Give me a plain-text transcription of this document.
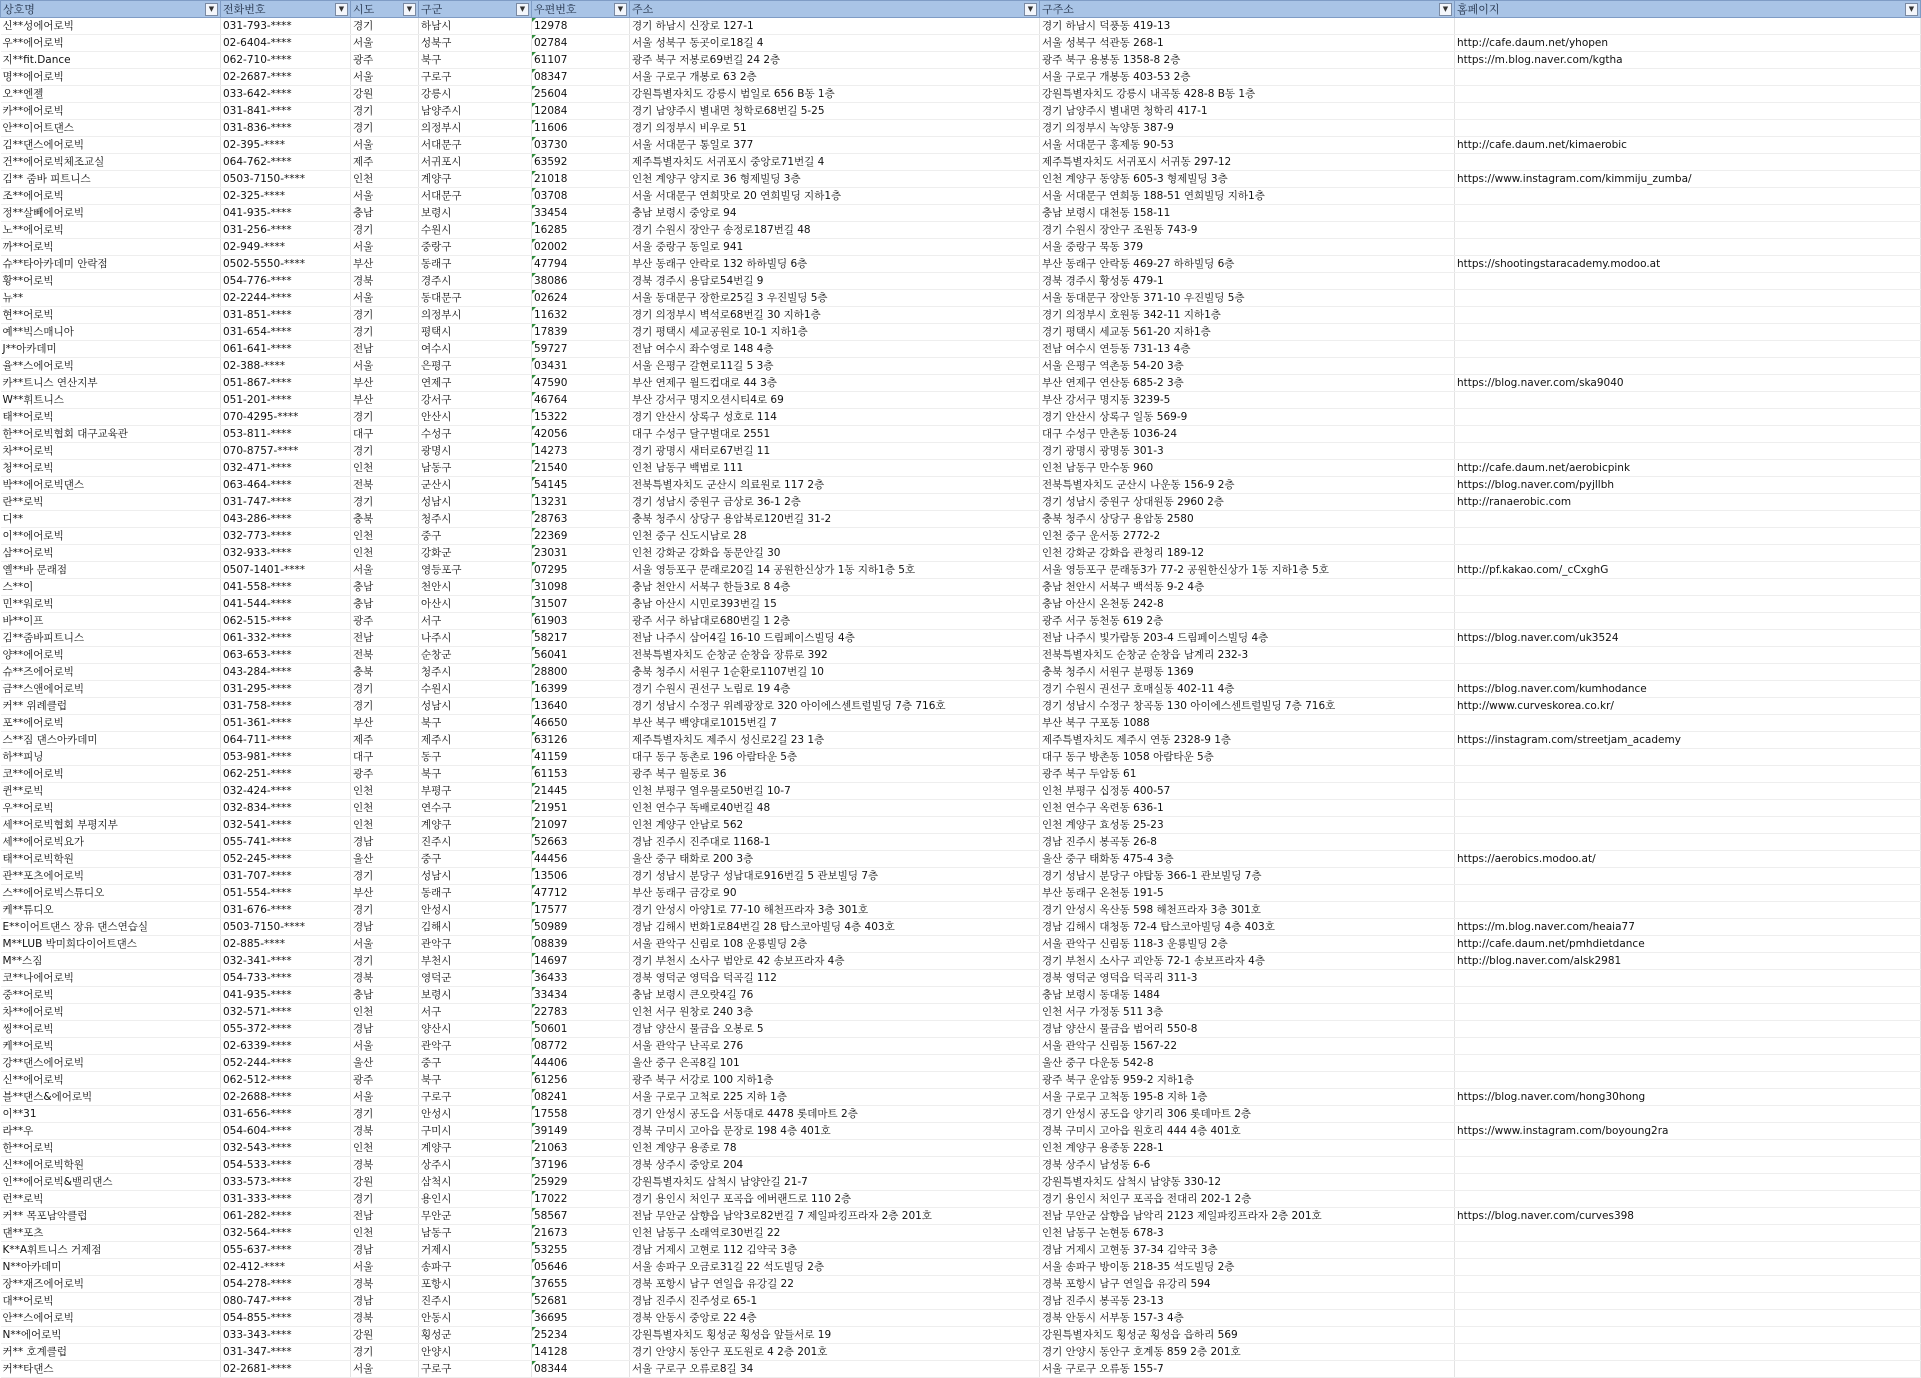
상호명 ▼	전화번호 ▼	시도 ▼	구군 ▼	우편번호 ▼	주소 ▼	구주소 ▼	홈페이지 ▼

신**성에어로빅	031-793-****	경기	하남시	12978	경기 하남시 신장로 127-1	경기 하남시 덕풍동 419-13	
우**에어로빅	02-6404-****	서울	성북구	02784	서울 성북구 동곳이로18길 4	서울 성북구 석관동 268-1	http://cafe.daum.net/yhopen
지**fit.Dance	062-710-****	광주	북구	61107	광주 북구 저봉로69번길 24 2층	광주 북구 용봉동 1358-8 2층	https://m.blog.naver.com/kgtha
명**에어로빅	02-2687-****	서울	구로구	08347	서울 구로구 개봉로 63 2층	서울 구로구 개봉동 403-53 2층	
오**엔젤	033-642-****	강원	강릉시	25604	강원특별자치도 강릉시 범일로 656 B동 1층	강원특별자치도 강릉시 내곡동 428-8 B동 1층	
카**에어로빅	031-841-****	경기	남양주시	12084	경기 남양주시 별내면 청학로68번길 5-25	경기 남양주시 별내면 청학리 417-1	
안**이어트댄스	031-836-****	경기	의정부시	11606	경기 의정부시 비우로 51	경기 의정부시 녹양동 387-9	
김**댄스에어로빅	02-395-****	서울	서대문구	03730	서울 서대문구 통일로 377	서울 서대문구 홍제동 90-53	http://cafe.daum.net/kimaerobic
건**에어로빅체조교실	064-762-****	제주	서귀포시	63592	제주특별자치도 서귀포시 중앙로71번길 4	제주특별자치도 서귀포시 서귀동 297-12	
김** 줌바 피트니스	0503-7150-****	인천	계양구	21018	인천 계양구 양지로 36 형제빌딩 3층	인천 계양구 동양동 605-3 형제빌딩 3층	https://www.instagram.com/kimmiju_zumba/
조**에어로빅	02-325-****	서울	서대문구	03708	서울 서대문구 연희맛로 20 연희빌딩 지하1층	서울 서대문구 연희동 188-51 연희빌딩 지하1층	
정**살빼에어로빅	041-935-****	충남	보령시	33454	충남 보령시 중앙로 94	충남 보령시 대천동 158-11	
노**에어로빅	031-256-****	경기	수원시	16285	경기 수원시 장안구 송정로187번길 48	경기 수원시 장안구 조원동 743-9	
까**어로빅	02-949-****	서울	중랑구	02002	서울 중랑구 동일로 941	서울 중랑구 묵동 379	
슈**타아카데미 안락점	0502-5550-****	부산	동래구	47794	부산 동래구 안락로 132 하하빌딩 6층	부산 동래구 안락동 469-27 하하빌딩 6층	https://shootingstaracademy.modoo.at
황**어로빅	054-776-****	경북	경주시	38086	경북 경주시 용담로54번길 9	경북 경주시 황성동 479-1	
뉴**	02-2244-****	서울	동대문구	02624	서울 동대문구 장한로25길 3 우진빌딩 5층	서울 동대문구 장안동 371-10 우진빌딩 5층	
현**어로빅	031-851-****	경기	의정부시	11632	경기 의정부시 벽석로68번길 30 지하1층	경기 의정부시 호원동 342-11 지하1층	
예**빅스매니아	031-654-****	경기	평택시	17839	경기 평택시 세교공원로 10-1 지하1층	경기 평택시 세교동 561-20 지하1층	
J**아카데미	061-641-****	전남	여수시	59727	전남 여수시 좌수영로 148 4층	전남 여수시 연등동 731-13 4층	
율**스에어로빅	02-388-****	서울	은평구	03431	서울 은평구 갈현로11길 5 3층	서울 은평구 역촌동 54-20 3층	
카**트니스 연산지부	051-867-****	부산	연제구	47590	부산 연제구 월드컵대로 44 3층	부산 연제구 연산동 685-2 3층	https://blog.naver.com/ska9040
W**휘트니스	051-201-****	부산	강서구	46764	부산 강서구 명지오션시티4로 69	부산 강서구 명지동 3239-5	
태**어로빅	070-4295-****	경기	안산시	15322	경기 안산시 상록구 성호로 114	경기 안산시 상록구 일동 569-9	
한**어로빅협회 대구교육관	053-811-****	대구	수성구	42056	대구 수성구 달구벌대로 2551	대구 수성구 만촌동 1036-24	
차**어로빅	070-8757-****	경기	광명시	14273	경기 광명시 새터로67번길 11	경기 광명시 광명동 301-3	
청**어로빅	032-471-****	인천	남동구	21540	인천 남동구 백범로 111	인천 남동구 만수동 960	http://cafe.daum.net/aerobicpink
박**에어로빅댄스	063-464-****	전북	군산시	54145	전북특별자치도 군산시 의료원로 117 2층	전북특별자치도 군산시 나운동 156-9 2층	https://blog.naver.com/pyjllbh
란**로빅	031-747-****	경기	성남시	13231	경기 성남시 중원구 금상로 36-1 2층	경기 성남시 중원구 상대원동 2960 2층	http://ranaerobic.com
디**	043-286-****	충북	청주시	28763	충북 청주시 상당구 용암북로120번길 31-2	충북 청주시 상당구 용암동 2580	
이**에어로빅	032-773-****	인천	중구	22369	인천 중구 신도시남로 28	인천 중구 운서동 2772-2	
삼**어로빅	032-933-****	인천	강화군	23031	인천 강화군 강화읍 동문안길 30	인천 강화군 강화읍 관청리 189-12	
옐**바 문래점	0507-1401-****	서울	영등포구	07295	서울 영등포구 문래로20길 14 공원한신상가 1동 지하1층 5호	서울 영등포구 문래동3가 77-2 공원한신상가 1동 지하1층 5호	http://pf.kakao.com/_cCxghG
스**이	041-558-****	충남	천안시	31098	충남 천안시 서북구 한들3로 8 4층	충남 천안시 서북구 백석동 9-2 4층	
민**워로빅	041-544-****	충남	아산시	31507	충남 아산시 시민로393번길 15	충남 아산시 온천동 242-8	
바**이프	062-515-****	광주	서구	61903	광주 서구 하남대로680번길 1 2층	광주 서구 동천동 619 2층	
김**줌바피트니스	061-332-****	전남	나주시	58217	전남 나주시 삼어4길 16-10 드림페이스빌딩 4층	전남 나주시 빛가람동 203-4 드림페이스빌딩 4층	https://blog.naver.com/uk3524
양**에어로빅	063-653-****	전북	순창군	56041	전북특별자치도 순창군 순창읍 장류로 392	전북특별자치도 순창군 순창읍 남계리 232-3	
슈**즈에어로빅	043-284-****	충북	청주시	28800	충북 청주시 서원구 1순환로1107번길 10	충북 청주시 서원구 분평동 1369	
금**스앤에어로빅	031-295-****	경기	수원시	16399	경기 수원시 권선구 노림로 19 4층	경기 수원시 권선구 호매실동 402-11 4층	https://blog.naver.com/kumhodance
커** 위례클럽	031-758-****	경기	성남시	13640	경기 성남시 수정구 위례광장로 320 아이에스센트럴빌딩 7층 716호	경기 성남시 수정구 창곡동 130 아이에스센트럴빌딩 7층 716호	http://www.curveskorea.co.kr/
포**에어로빅	051-361-****	부산	북구	46650	부산 북구 백양대로1015번길 7	부산 북구 구포동 1088	
스**짐 댄스아카데미	064-711-****	제주	제주시	63126	제주특별자치도 제주시 성신로2길 23 1층	제주특별자치도 제주시 연동 2328-9 1층	https://instagram.com/streetjam_academy
하**피닝	053-981-****	대구	동구	41159	대구 동구 동촌로 196 아람타운 5층	대구 동구 방촌동 1058 아람타운 5층	
코**에어로빅	062-251-****	광주	북구	61153	광주 북구 월동로 36	광주 북구 두암동 61	
퀸**로빅	032-424-****	인천	부평구	21445	인천 부평구 열우물로50번길 10-7	인천 부평구 십정동 400-57	
우**어로빅	032-834-****	인천	연수구	21951	인천 연수구 독배로40번길 48	인천 연수구 옥련동 636-1	
세**어로빅협회 부평지부	032-541-****	인천	계양구	21097	인천 계양구 안남로 562	인천 계양구 효성동 25-23	
세**에어로빅요가	055-741-****	경남	진주시	52663	경남 진주시 진주대로 1168-1	경남 진주시 봉곡동 26-8	
태**어로빅학원	052-245-****	울산	중구	44456	울산 중구 태화로 200 3층	울산 중구 태화동 475-4 3층	https://aerobics.modoo.at/
관**포츠에어로빅	031-707-****	경기	성남시	13506	경기 성남시 분당구 성남대로916번길 5 관보빌딩 7층	경기 성남시 분당구 야탑동 366-1 관보빌딩 7층	
스**에어로빅스튜디오	051-554-****	부산	동래구	47712	부산 동래구 금강로 90	부산 동래구 온천동 191-5	
케**튜디오	031-676-****	경기	안성시	17577	경기 안성시 아양1로 77-10 해천프라자 3층 301호	경기 안성시 옥산동 598 해천프라자 3층 301호	
E**이어트댄스 장유 댄스연습실	0503-7150-****	경남	김해시	50989	경남 김해시 번화1로84번길 28 탑스코아빌딩 4층 403호	경남 김해시 대청동 72-4 탑스코아빌딩 4층 403호	https://m.blog.naver.com/heaia77
M**LUB 박미희다이어트댄스	02-885-****	서울	관악구	08839	서울 관악구 신림로 108 운룡빌딩 2층	서울 관악구 신림동 118-3 운룡빌딩 2층	http://cafe.daum.net/pmhdietdance
M**스짐	032-341-****	경기	부천시	14697	경기 부천시 소사구 범안로 42 송보프라자 4층	경기 부천시 소사구 괴안동 72-1 송보프라자 4층	http://blog.naver.com/alsk2981
코**나에어로빅	054-733-****	경북	영덕군	36433	경북 영덕군 영덕읍 덕곡길 112	경북 영덕군 영덕읍 덕곡리 311-3	
중**어로빅	041-935-****	충남	보령시	33434	충남 보령시 큰오랏4길 76	충남 보령시 동대동 1484	
차**에어로빅	032-571-****	인천	서구	22783	인천 서구 원창로 240 3층	인천 서구 가정동 511 3층	
씽**어로빅	055-372-****	경남	양산시	50601	경남 양산시 물금읍 오봉로 5	경남 양산시 물금읍 범어리 550-8	
케**어로빅	02-6339-****	서울	관악구	08772	서울 관악구 난곡로 276	서울 관악구 신림동 1567-22	
강**댄스에어로빅	052-244-****	울산	중구	44406	울산 중구 은곡8길 101	울산 중구 다운동 542-8	
신**에어로빅	062-512-****	광주	북구	61256	광주 북구 서강로 100 지하1층	광주 북구 운암동 959-2 지하1층	
블**댄스&에어로빅	02-2688-****	서울	구로구	08241	서울 구로구 고척로 225 지하 1층	서울 구로구 고척동 195-8 지하 1층	https://blog.naver.com/hong30hong
이**31	031-656-****	경기	안성시	17558	경기 안성시 공도읍 서동대로 4478 롯데마트 2층	경기 안성시 공도읍 양기리 306 롯데마트 2층	
라**우	054-604-****	경북	구미시	39149	경북 구미시 고아읍 문장로 198 4층 401호	경북 구미시 고아읍 원호리 444 4층 401호	https://www.instagram.com/boyoung2ra
한**어로빅	032-543-****	인천	계양구	21063	인천 계양구 용종로 78	인천 계양구 용종동 228-1	
신**에어로빅학원	054-533-****	경북	상주시	37196	경북 상주시 중앙로 204	경북 상주시 남성동 6-6	
인**에어로빅&밸리댄스	033-573-****	강원	삼척시	25929	강원특별자치도 삼척시 남양안길 21-7	강원특별자치도 삼척시 남양동 330-12	
런**로빅	031-333-****	경기	용인시	17022	경기 용인시 처인구 포곡읍 에버랜드로 110 2층	경기 용인시 처인구 포곡읍 전대리 202-1 2층	
커** 목포남악클럽	061-282-****	전남	무안군	58567	전남 무안군 삼향읍 남악3로82번길 7 제일파킹프라자 2층 201호	전남 무안군 삼향읍 남악리 2123 제일파킹프라자 2층 201호	https://blog.naver.com/curves398
댄**포츠	032-564-****	인천	남동구	21673	인천 남동구 소래역로30번길 22	인천 남동구 논현동 678-3	
K**A휘트니스 거제점	055-637-****	경남	거제시	53255	경남 거제시 고현로 112 김약국 3층	경남 거제시 고현동 37-34 김약국 3층	
N**아카데미	02-412-****	서울	송파구	05646	서울 송파구 오금로31길 22 석도빌딩 2층	서울 송파구 방이동 218-35 석도빌딩 2층	
장**재즈에어로빅	054-278-****	경북	포항시	37655	경북 포항시 남구 연일읍 유강길 22	경북 포항시 남구 연일읍 유강리 594	
대**어로빅	080-747-****	경남	진주시	52681	경남 진주시 진주성로 65-1	경남 진주시 봉곡동 23-13	
안**스에어로빅	054-855-****	경북	안동시	36695	경북 안동시 중앙로 22 4층	경북 안동시 서부동 157-3 4층	
N**에어로빅	033-343-****	강원	횡성군	25234	강원특별자치도 횡성군 횡성읍 앞들서로 19	강원특별자치도 횡성군 횡성읍 읍하리 569	
커** 호계클럽	031-347-****	경기	안양시	14128	경기 안양시 동안구 포도원로 4 2층 201호	경기 안양시 동안구 호계동 859 2층 201호	
커**타댄스	02-2681-****	서울	구로구	08344	서울 구로구 오류로8길 34	서울 구로구 오류동 155-7	
